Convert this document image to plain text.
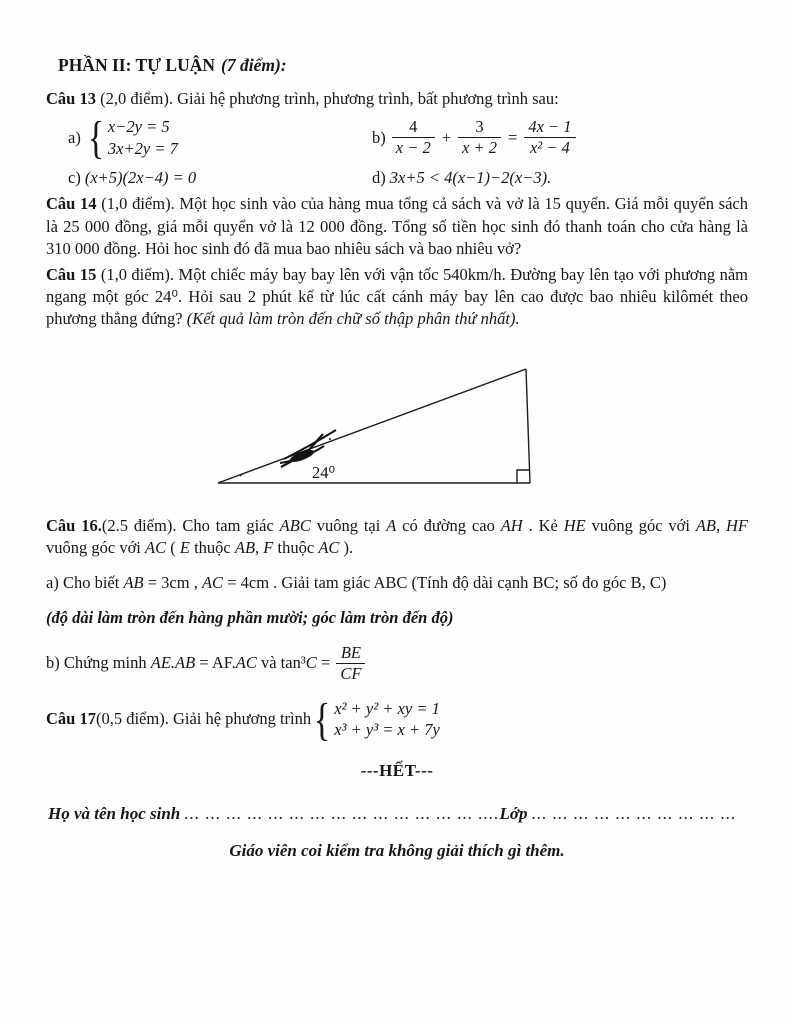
PHẦN II: TỰ LUẬN (7 điểm):

Câu 13 (2,0 điểm). Giải hệ phương trình, phương trình, bất phương trình sau:

a) { x−2y = 5
3x+2y = 7
$b) \frac{4}{x - 2} + \frac{3}{x + 2} = \frac{4x - 1}{\text{x² − 4}}$
c) (x+5)(2x−4) = 0	d) 3x+5 < 4(x−1)−2(x−3).

Câu 14 (1,0 điểm). Một học sinh vào của hàng mua tổng cả sách và vở là 15 quyển. Giá mỗi quyển sách là 25 000 đồng, giá mỗi quyển vở là 12 000 đồng. Tổng số tiền học sinh đó thanh toán cho cửa hàng là 310 000 đồng. Hỏi hoc sinh đó đã mua bao nhiêu sách và bao nhiêu vở?

Câu 15 (1,0 điểm). Một chiếc máy bay bay lên với vận tốc 540km/h. Đường bay lên tạo với phương nằm ngang một góc 24⁰. Hỏi sau 2 phút kể từ lúc cất cánh máy bay lên cao được bao nhiêu kilômét theo phương thẳng đứng? (Kết quả làm tròn đến chữ số thập phân thứ nhất).

24⁰

Câu 16.(2.5 điểm). Cho tam giác ABC vuông tại A có đường cao AH . Kẻ HE vuông góc với AB, HF vuông góc với AC ( E thuộc AB, F thuộc AC ).

a) Cho biết AB = 3cm , AC = 4cm . Giải tam giác ABC (Tính độ dài cạnh BC; số đo góc B, C)

(độ dài làm tròn đến hàng phần mười; góc làm tròn đến độ)

b) Chứng minh AE.AB = AF.AC và $\tan^3C = \frac{BE}{CF}$

Câu 17(0,5 điểm). Giải hệ phương trình { x² + y² + xy = 1
x³ + y³ = x + 7y

---HẾT---

Họ và tên học sinh ... ... ... ... ... ... ... ... ... ... ... ... ... ... ....Lớp ... ... ... ... ... ... ... ... ... ...

Giáo viên coi kiểm tra không giải thích gì thêm.
